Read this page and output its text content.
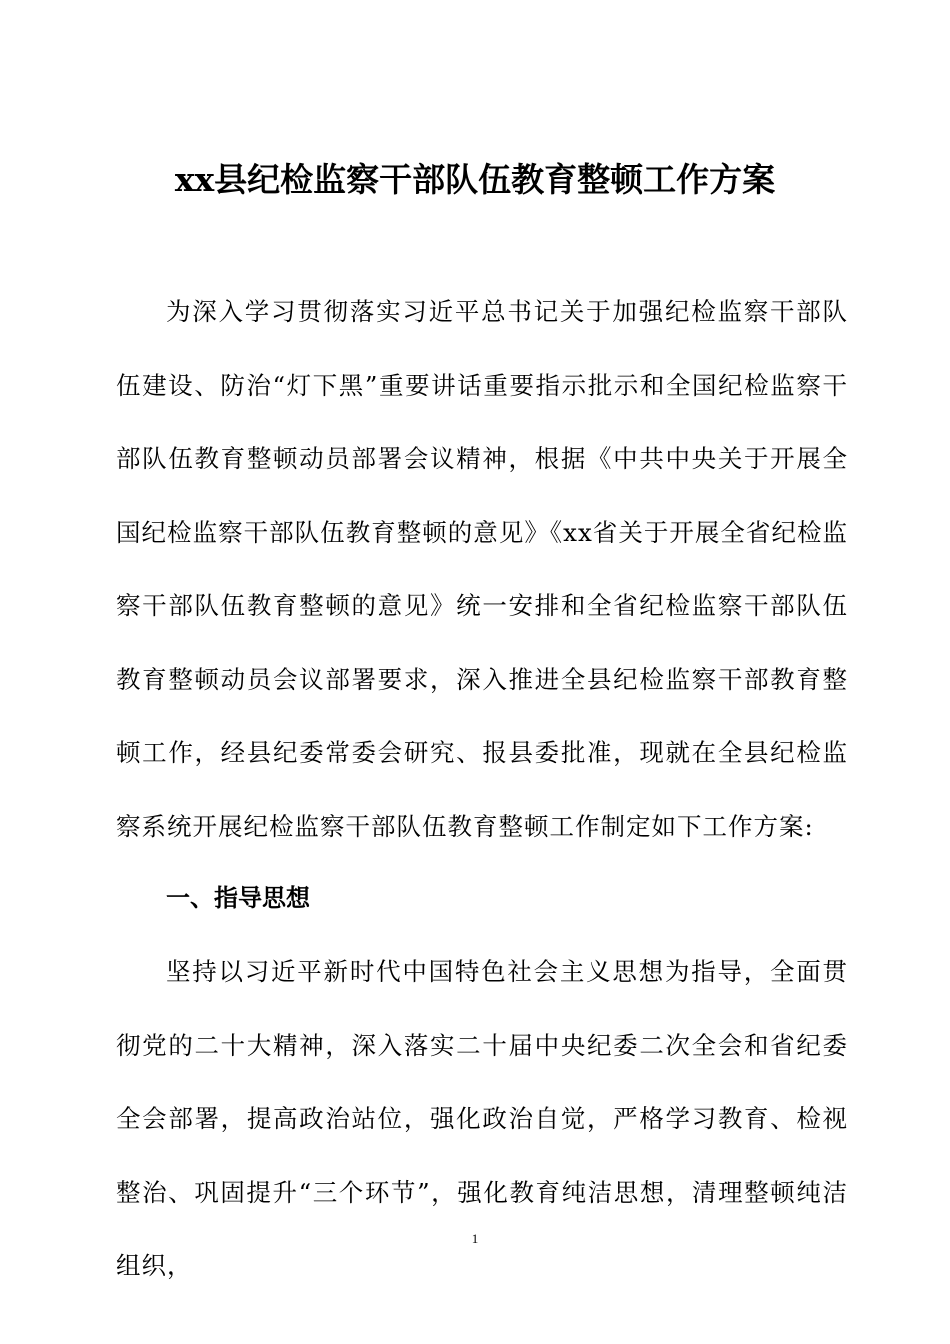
xx县纪检监察干部队伍教育整顿工作方案

为深入学习贯彻落实习近平总书记关于加强纪检监察干部队伍建设、防治“灯下黑”重要讲话重要指示批示和全国纪检监察干部队伍教育整顿动员部署会议精神，根据《中共中央关于开展全国纪检监察干部队伍教育整顿的意见》《xx省关于开展全省纪检监察干部队伍教育整顿的意见》统一安排和全省纪检监察干部队伍教育整顿动员会议部署要求，深入推进全县纪检监察干部教育整顿工作，经县纪委常委会研究、报县委批准，现就在全县纪检监察系统开展纪检监察干部队伍教育整顿工作制定如下工作方案:

一、指导思想

坚持以习近平新时代中国特色社会主义思想为指导，全面贯彻党的二十大精神，深入落实二十届中央纪委二次全会和省纪委全会部署，提高政治站位，强化政治自觉，严格学习教育、检视整治、巩固提升“三个环节”，强化教育纯洁思想，清理整顿纯洁组织，

1
